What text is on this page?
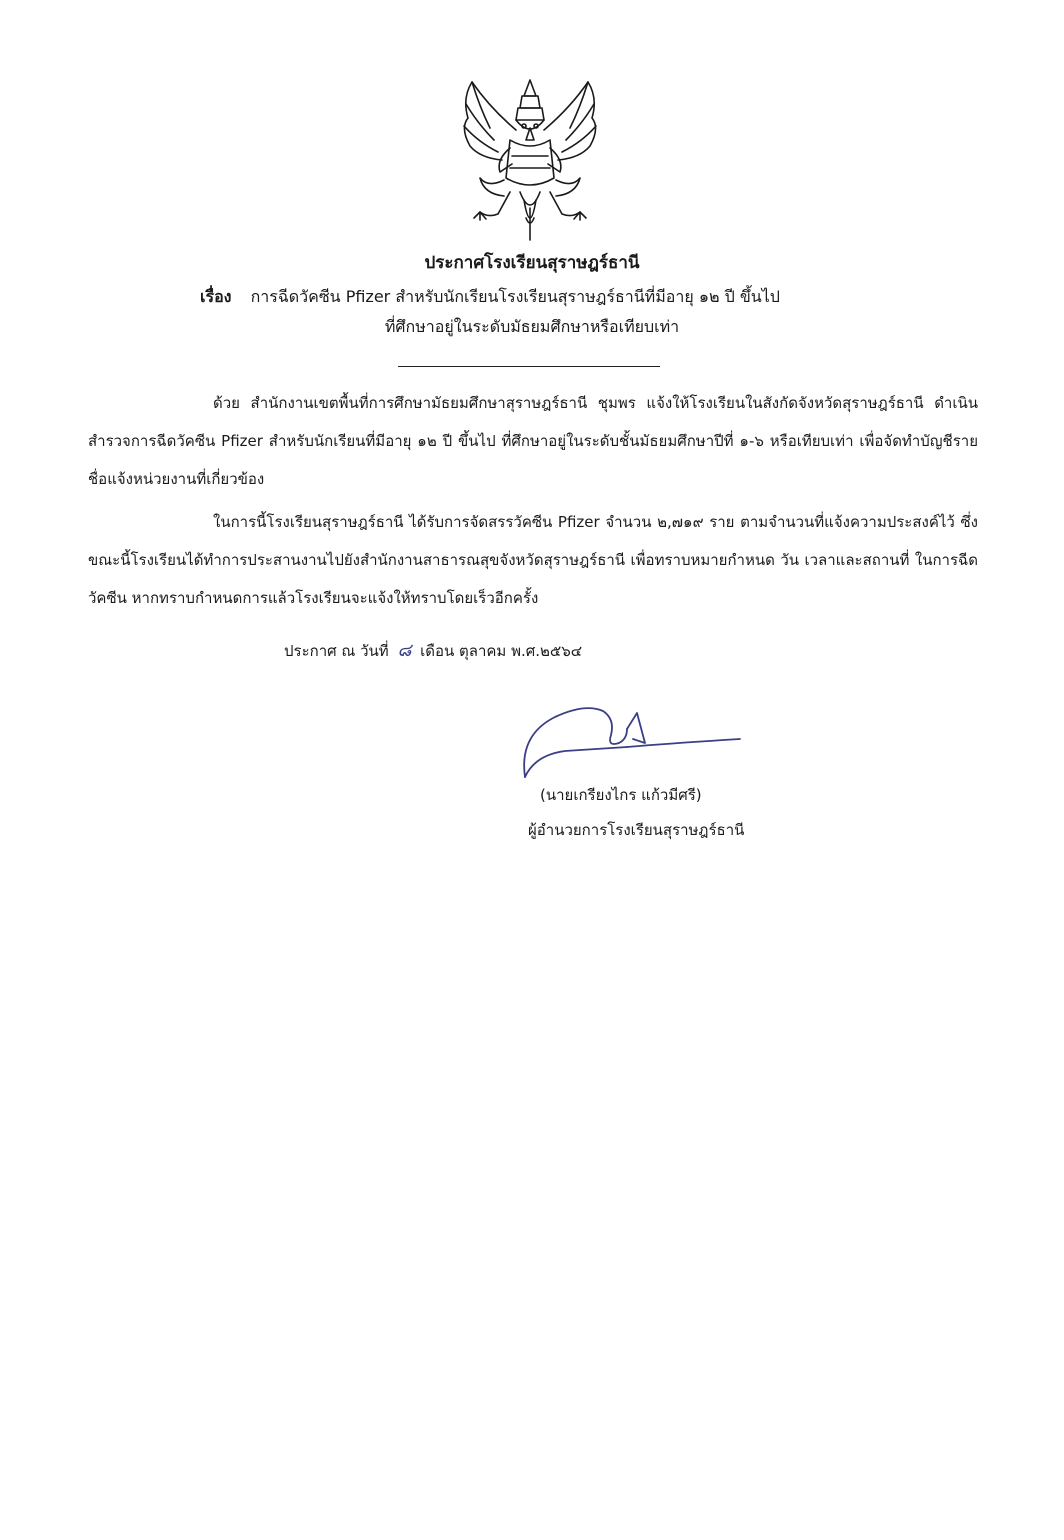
ประกาศโรงเรียนสุราษฎร์ธานี
เรื่อง การฉีดวัคซีน Pfizer สำหรับนักเรียนโรงเรียนสุราษฎร์ธานีที่มีอายุ ๑๒ ปี ขึ้นไป
ที่ศึกษาอยู่ในระดับมัธยมศึกษาหรือเทียบเท่า

ด้วย สำนักงานเขตพื้นที่การศึกษามัธยมศึกษาสุราษฎร์ธานี ชุมพร แจ้งให้โรงเรียนในสังกัดจังหวัดสุราษฎร์ธานี ดำเนินสำรวจการฉีดวัคซีน Pfizer สำหรับนักเรียนที่มีอายุ ๑๒ ปี ขึ้นไป ที่ศึกษาอยู่ในระดับชั้นมัธยมศึกษาปีที่ ๑-๖ หรือเทียบเท่า เพื่อจัดทำบัญชีรายชื่อแจ้งหน่วยงานที่เกี่ยวข้อง

ในการนี้โรงเรียนสุราษฎร์ธานี ได้รับการจัดสรรวัคซีน Pfizer จำนวน ๒,๗๑๙ ราย ตามจำนวนที่แจ้งความประสงค์ไว้ ซึ่งขณะนี้โรงเรียนได้ทำการประสานงานไปยังสำนักงานสาธารณสุขจังหวัดสุราษฎร์ธานี เพื่อทราบหมายกำหนด วัน เวลาและสถานที่ ในการฉีดวัคซีน หากทราบกำหนดการแล้วโรงเรียนจะแจ้งให้ทราบโดยเร็วอีกครั้ง

ประกาศ ณ วันที่ ๘ เดือน ตุลาคม พ.ศ.๒๕๖๔
(นายเกรียงไกร แก้วมีศรี)
ผู้อำนวยการโรงเรียนสุราษฎร์ธานี
